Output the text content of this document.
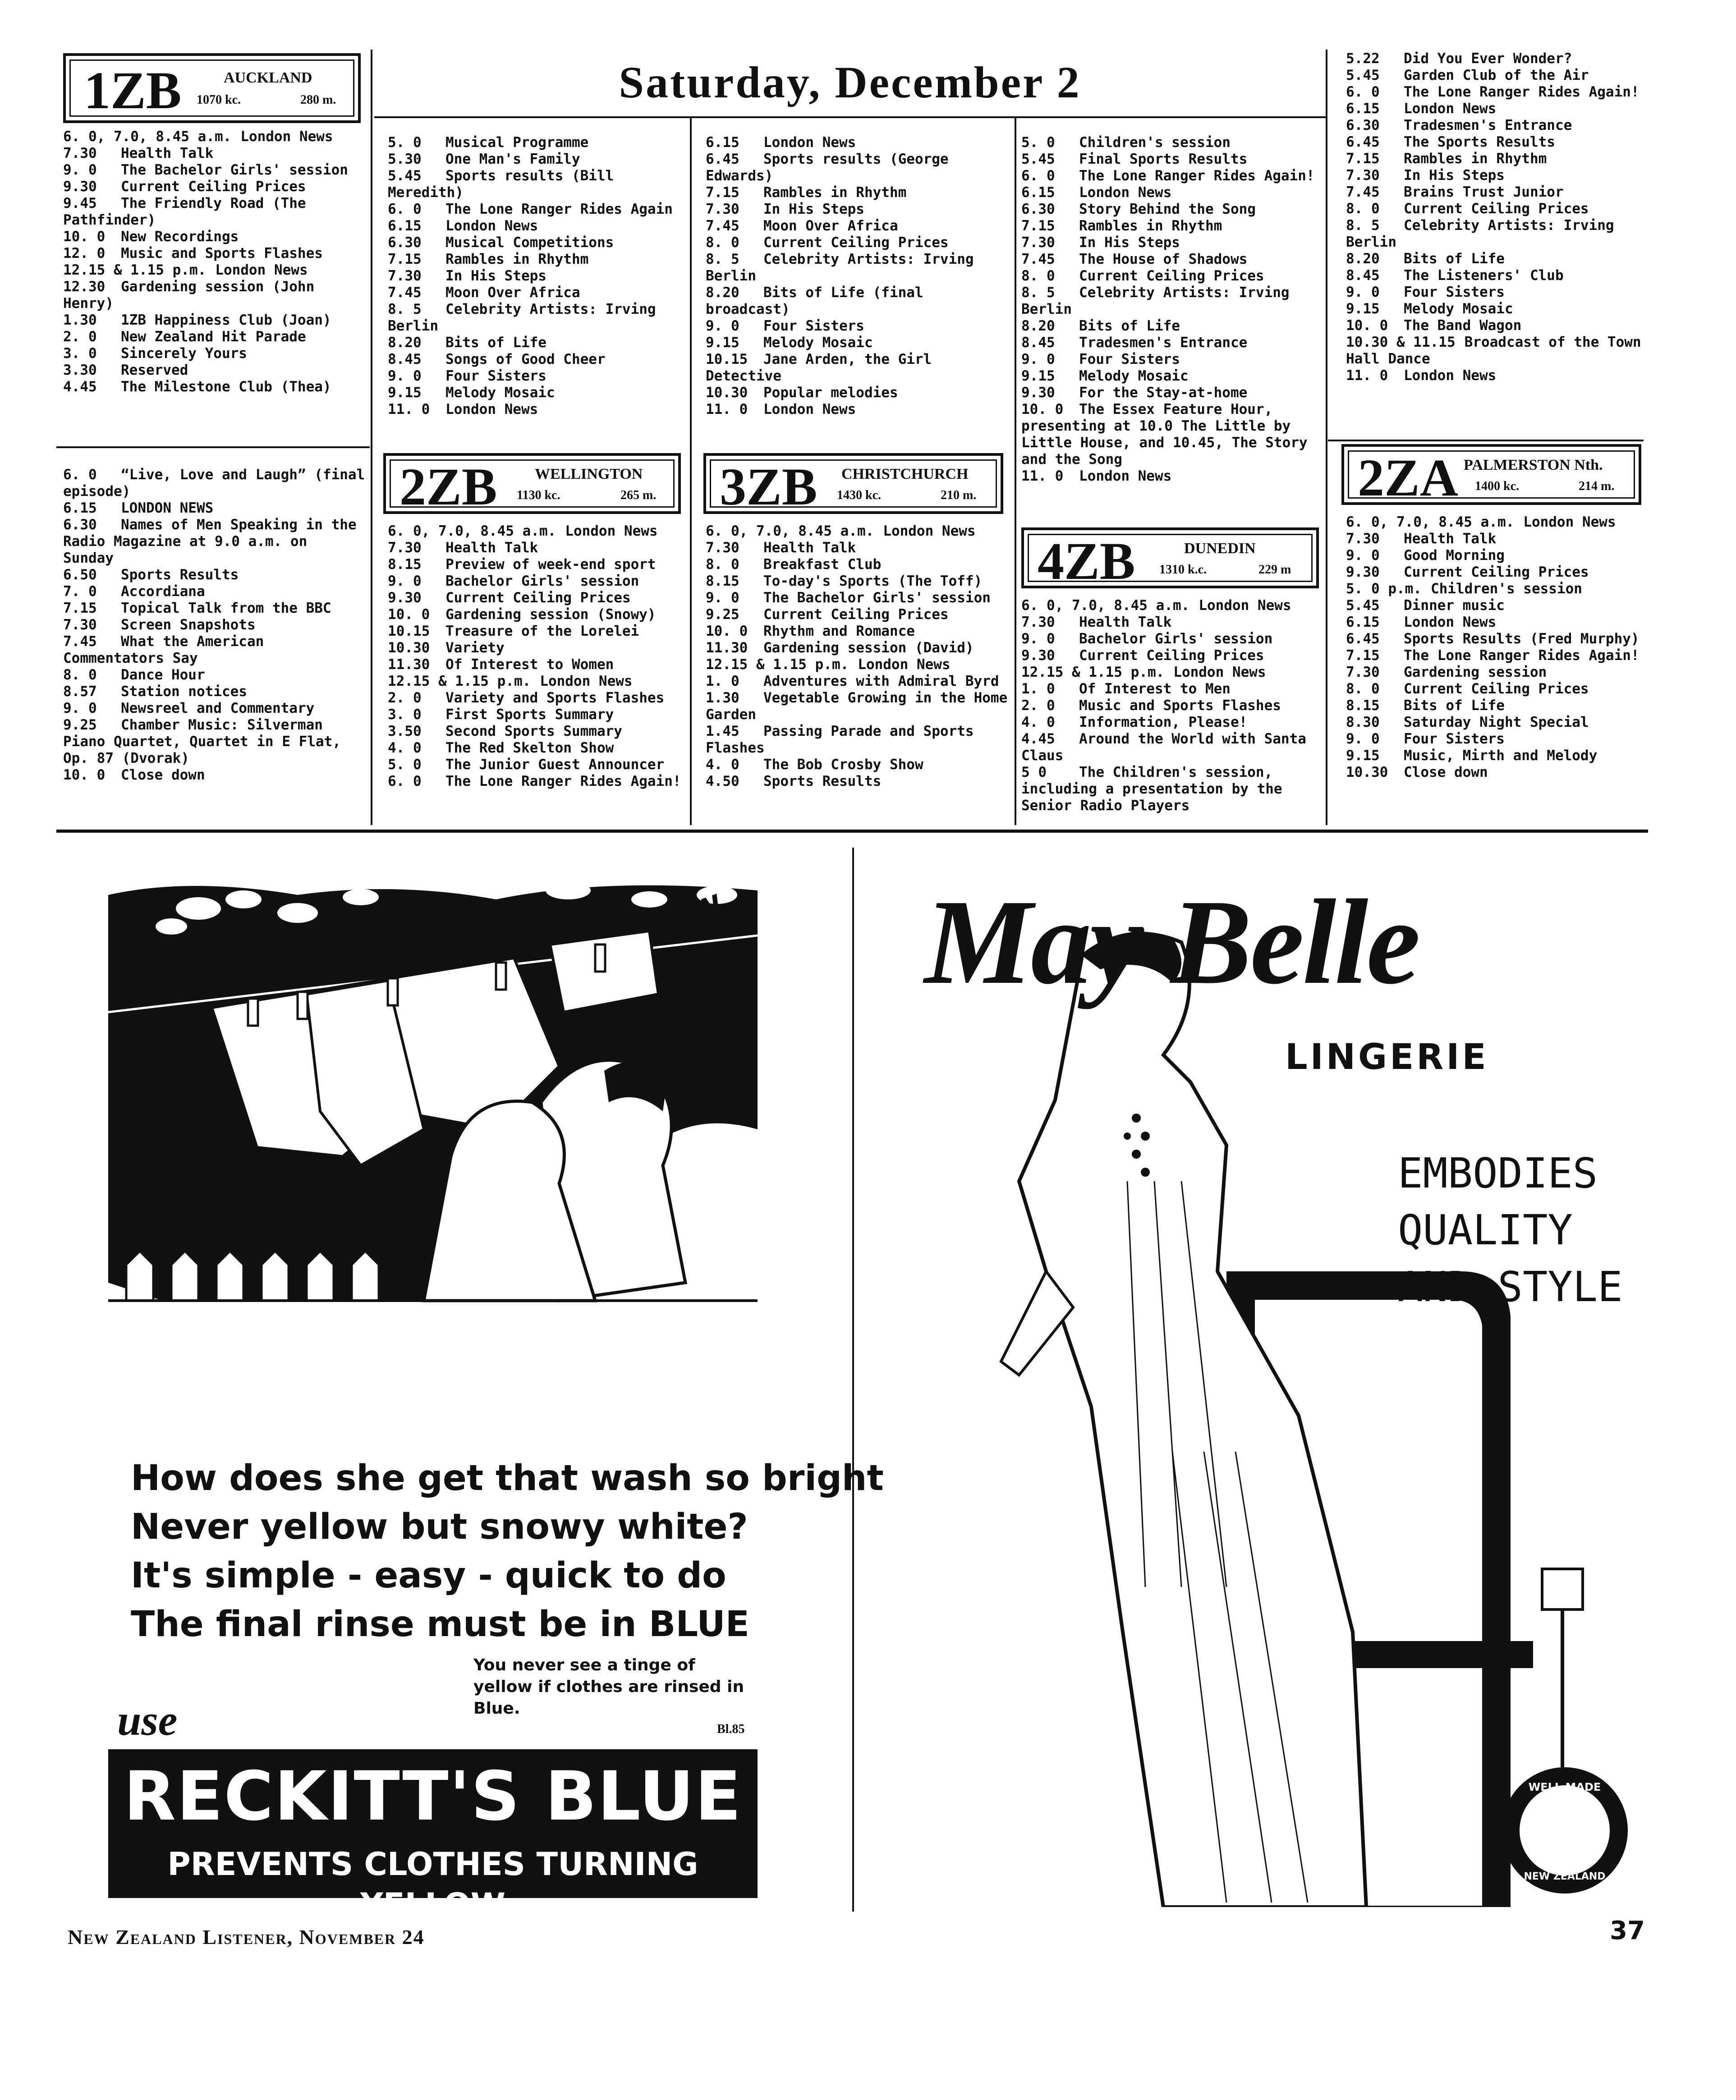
Saturday, December 2
1ZB	AUCKLAND
1070 kc.	280 m.
2ZB WELLINGTON
1130 kc.	265 m. 3ZB CHRISTCHURCH
1430 kc.	210 m.
4ZB	DUNEDIN
1310 k.c.	229 m
2ZA PALMERSTON Nth.
1400 kc.	214 m.
6. 0, 7.0, 8.45 a.m. London News
7.30 Health Talk
9. 0 The Bachelor Girls' session
9.30 Current Ceiling Prices
9.45 The Friendly Road (The Pathfinder)
10. 0 New Recordings
12. 0 Music and Sports Flashes
12.15 & 1.15 p.m. London News
12.30 Gardening session (John Henry)
1.30 1ZB Happiness Club (Joan)
2. 0 New Zealand Hit Parade
3. 0 Sincerely Yours
3.30 Reserved
4.45 The Milestone Club (Thea)
6. 0 “Live, Love and Laugh” (final episode)
6.15 LONDON NEWS
6.30 Names of Men Speaking in the Radio Magazine at 9.0 a.m. on Sunday
6.50 Sports Results
7. 0 Accordiana
7.15 Topical Talk from the BBC
7.30 Screen Snapshots
7.45 What the American Commentators Say
8. 0 Dance Hour
8.57 Station notices
9. 0 Newsreel and Commentary
9.25 Chamber Music: Silverman Piano Quartet, Quartet in E Flat, Op. 87 (Dvorak)
10. 0 Close down
5. 0 Musical Programme
5.30 One Man's Family
5.45 Sports results (Bill Meredith)
6. 0 The Lone Ranger Rides Again
6.15 London News
6.30 Musical Competitions
7.15 Rambles in Rhythm
7.30 In His Steps
7.45 Moon Over Africa
8. 5 Celebrity Artists: Irving Berlin
8.20 Bits of Life
8.45 Songs of Good Cheer
9. 0 Four Sisters
9.15 Melody Mosaic
11. 0 London News
6. 0, 7.0, 8.45 a.m. London News
7.30 Health Talk
8.15 Preview of week-end sport
9. 0 Bachelor Girls' session
9.30 Current Ceiling Prices
10. 0 Gardening session (Snowy)
10.15 Treasure of the Lorelei
10.30 Variety
11.30 Of Interest to Women
12.15 & 1.15 p.m. London News
2. 0 Variety and Sports Flashes
3. 0 First Sports Summary
3.50 Second Sports Summary
4. 0 The Red Skelton Show
5. 0 The Junior Guest Announcer
6. 0 The Lone Ranger Rides Again!
6.15 London News
6.45 Sports results (George Edwards)
7.15 Rambles in Rhythm
7.30 In His Steps
7.45 Moon Over Africa
8. 0 Current Ceiling Prices
8. 5 Celebrity Artists: Irving Berlin
8.20 Bits of Life (final broadcast)
9. 0 Four Sisters
9.15 Melody Mosaic
10.15 Jane Arden, the Girl Detective
10.30 Popular melodies
11. 0 London News
6. 0, 7.0, 8.45 a.m. London News
7.30 Health Talk
8. 0 Breakfast Club
8.15 To-day's Sports (The Toff)
9. 0 The Bachelor Girls' session
9.25 Current Ceiling Prices
10. 0 Rhythm and Romance
11.30 Gardening session (David)
12.15 & 1.15 p.m. London News
1. 0 Adventures with Admiral Byrd
1.30 Vegetable Growing in the Home Garden
1.45 Passing Parade and Sports Flashes
4. 0 The Bob Crosby Show
4.50 Sports Results
5. 0 Children's session
5.45 Final Sports Results
6. 0 The Lone Ranger Rides Again!
6.15 London News
6.30 Story Behind the Song
7.15 Rambles in Rhythm
7.30 In His Steps
7.45 The House of Shadows
8. 0 Current Ceiling Prices
8. 5 Celebrity Artists: Irving Berlin
8.20 Bits of Life
8.45 Tradesmen's Entrance
9. 0 Four Sisters
9.15 Melody Mosaic
9.30 For the Stay-at-home
10. 0 The Essex Feature Hour, presenting at 10.0 The Little by Little House, and 10.45, The Story and the Song
11. 0 London News
6. 0, 7.0, 8.45 a.m. London News
7.30 Health Talk
9. 0 Bachelor Girls' session
9.30 Current Ceiling Prices
12.15 & 1.15 p.m. London News
1. 0 Of Interest to Men
2. 0 Music and Sports Flashes
4. 0 Information, Please!
4.45 Around the World with Santa Claus
5 0 The Children's session, including a presentation by the Senior Radio Players
5.22 Did You Ever Wonder?
5.45 Garden Club of the Air
6. 0 The Lone Ranger Rides Again!
6.15 London News
6.30 Tradesmen's Entrance
6.45 The Sports Results
7.15 Rambles in Rhythm
7.30 In His Steps
7.45 Brains Trust Junior
8. 0 Current Ceiling Prices
8. 5 Celebrity Artists: Irving Berlin
8.20 Bits of Life
8.45 The Listeners' Club
9. 0 Four Sisters
9.15 Melody Mosaic
10. 0 The Band Wagon
10.30 & 11.15 Broadcast of the Town Hall Dance
11. 0 London News
6. 0, 7.0, 8.45 a.m. London News
7.30 Health Talk
9. 0 Good Morning
9.30 Current Ceiling Prices
5. 0 p.m. Children's session
5.45 Dinner music
6.15 London News
6.45 Sports Results (Fred Murphy)
7.15 The Lone Ranger Rides Again!
7.30 Gardening session
8. 0 Current Ceiling Prices
8.15 Bits of Life
8.30 Saturday Night Special
9. 0 Four Sisters
9.15 Music, Mirth and Melody
10.30 Close down
W
How does she get that wash so bright
Never yellow but snowy white?
It's simple - easy - quick to do
The final rinse must be in BLUE
You never see a tinge of yellow if clothes are rinsed in Blue.
Bl.85
use
RECKITT'S BLUE
PREVENTS CLOTHES TURNING YELLOW
May Belle
LINGERIE
EMBODIES
QUALITY
AND STYLE
WELL MADE
NEW ZEALAND
New Zealand Listener, November 24	37
